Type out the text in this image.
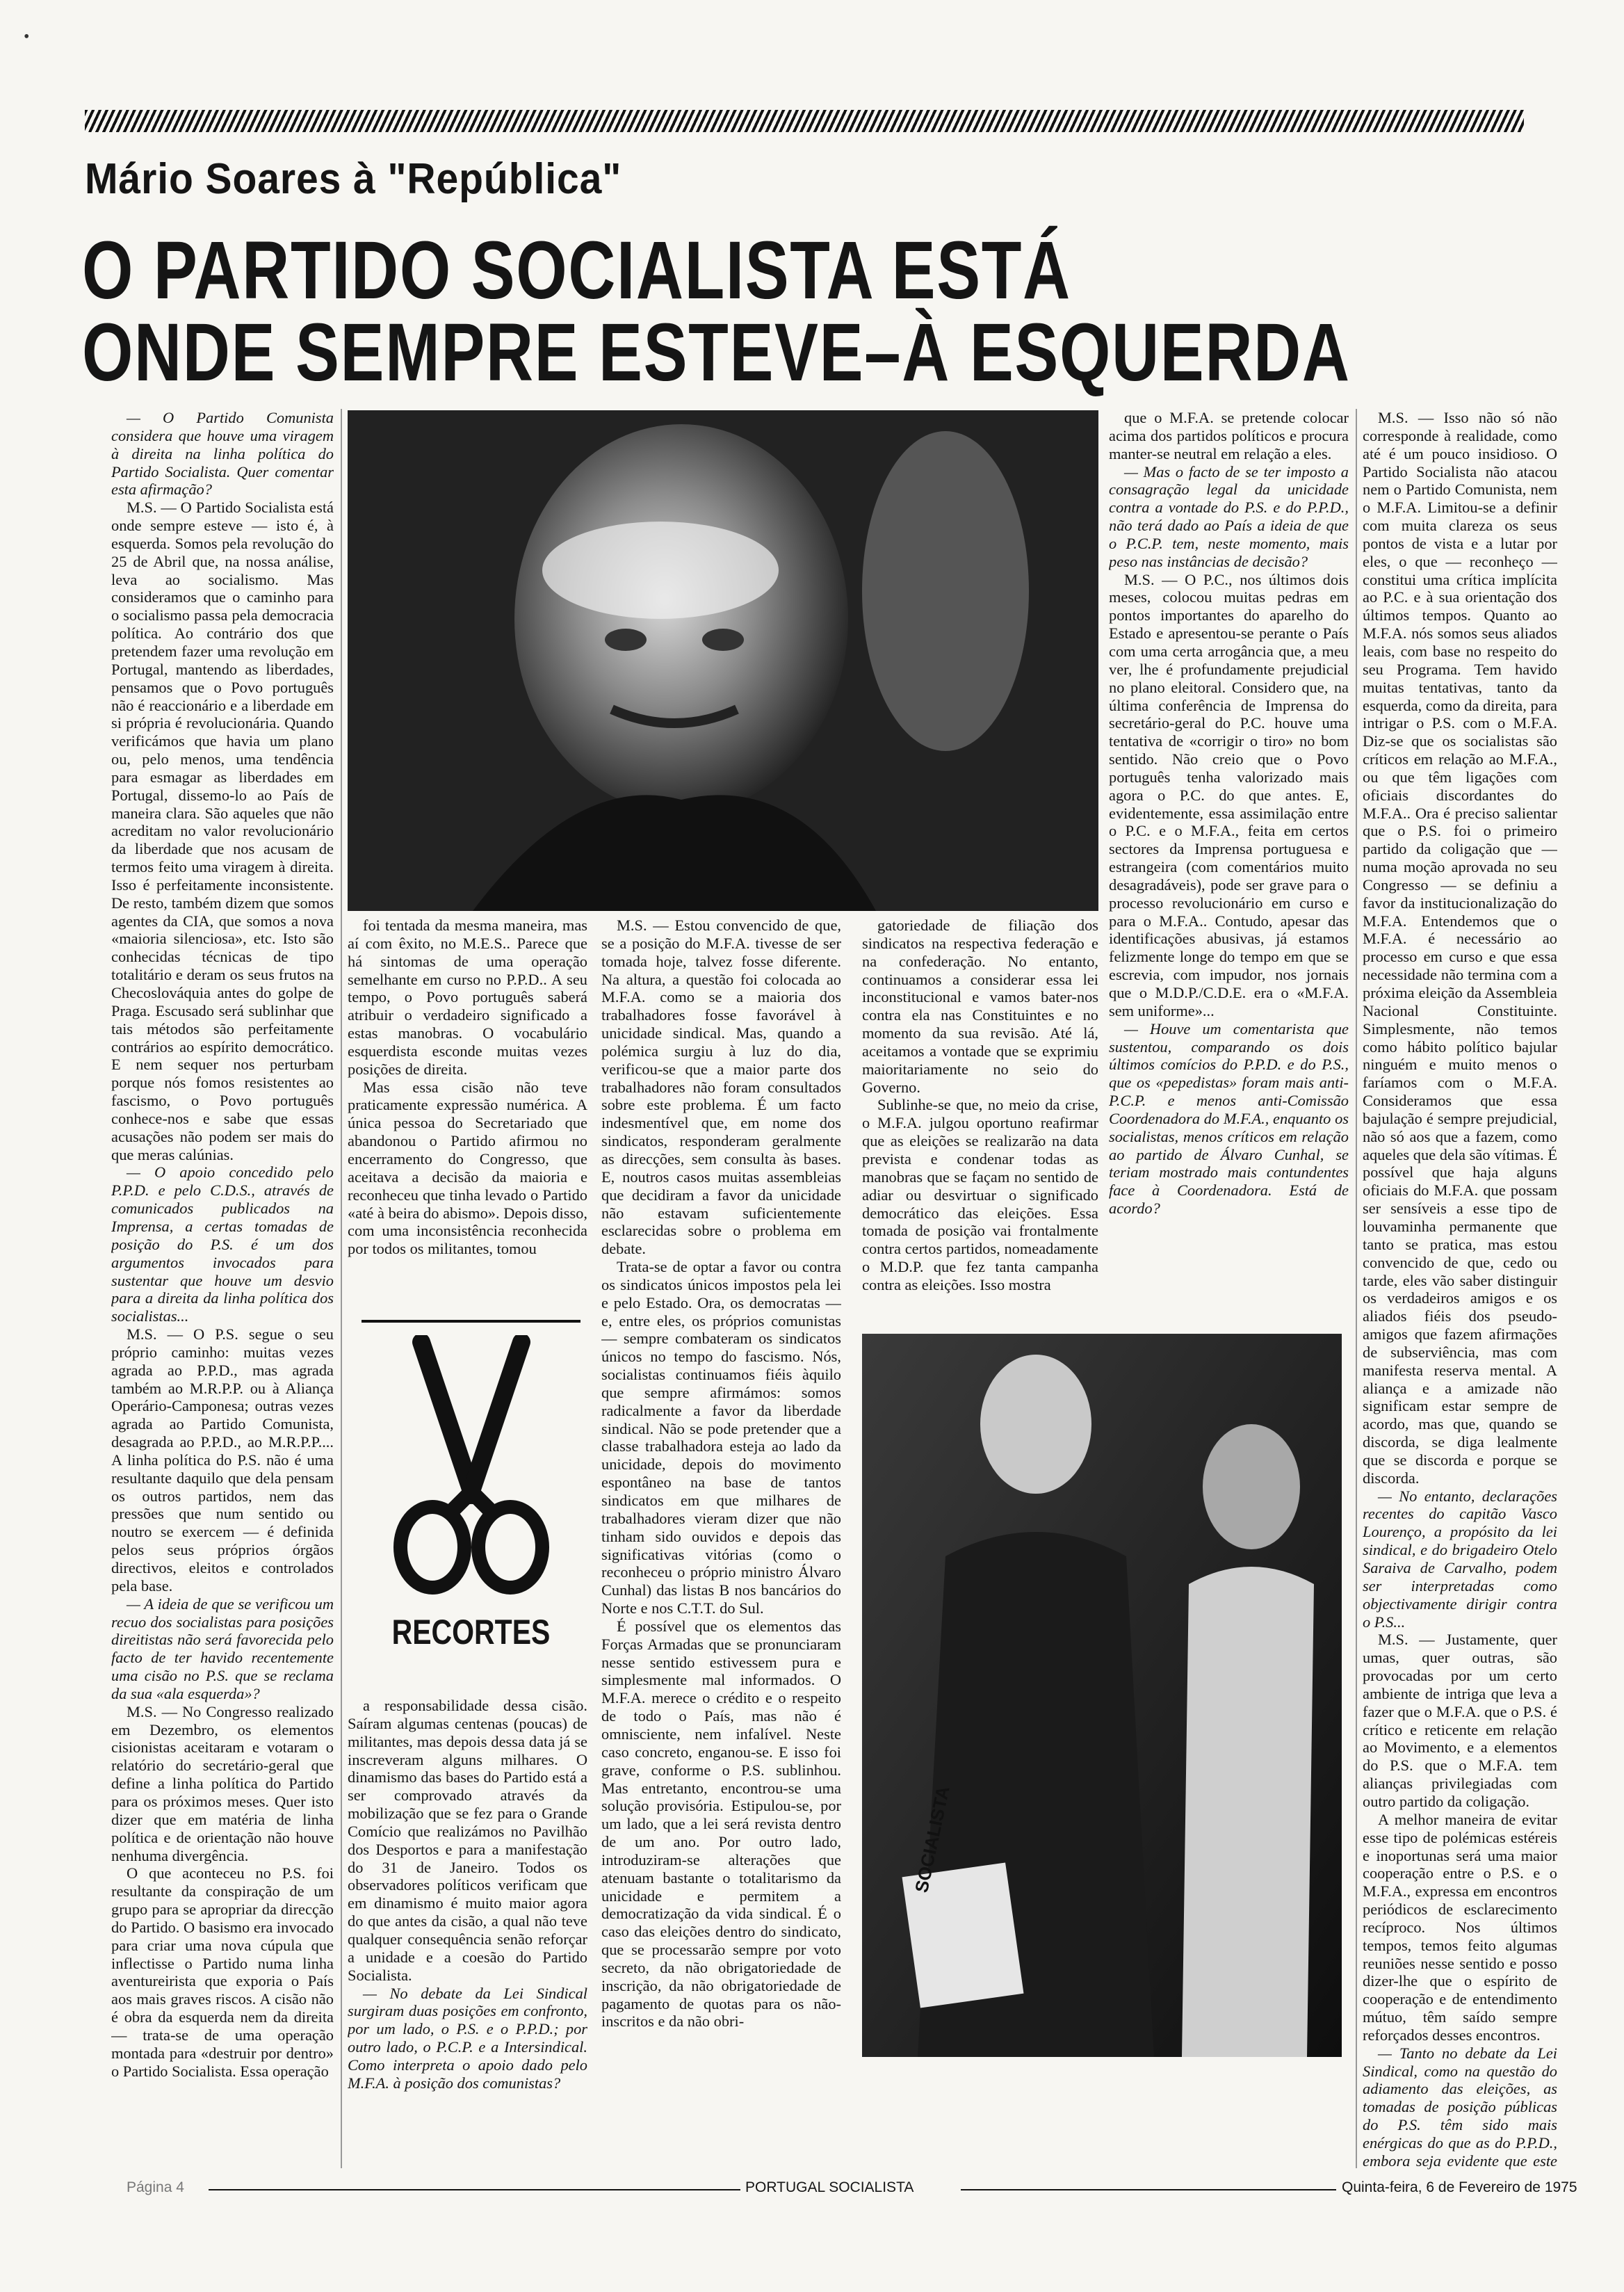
•
Mário Soares à "República"
O PARTIDO SOCIALISTA ESTÁ
ONDE SEMPRE ESTEVE–À ESQUERDA
SOCIALISTA

RECORTES

— O Partido Comunista considera que houve uma viragem à direita na linha política do Partido Socialista. Quer comentar esta afirmação?

M.S. — O Partido Socialista está onde sempre esteve — isto é, à esquerda. Somos pela revolução do 25 de Abril que, na nossa análise, leva ao socialismo. Mas consideramos que o caminho para o socialismo passa pela democracia política. Ao contrário dos que pretendem fazer uma revolução em Portugal, mantendo as liberdades, pensamos que o Povo português não é reaccionário e a liberdade em si própria é revolucionária. Quando verificámos que havia um plano ou, pelo menos, uma tendência para esmagar as liberdades em Portugal, dissemo-lo ao País de maneira clara. São aqueles que não acreditam no valor revolucionário da liberdade que nos acusam de termos feito uma viragem à direita. Isso é perfeitamente inconsistente. De resto, também dizem que somos agentes da CIA, que somos a nova «maioria silenciosa», etc. Isto são conhecidas técnicas de tipo totalitário e deram os seus frutos na Checoslováquia antes do golpe de Praga. Escusado será sublinhar que tais métodos são perfeitamente contrários ao espírito democrático. E nem sequer nos perturbam porque nós fomos resistentes ao fascismo, o Povo português conhece-nos e sabe que essas acusações não podem ser mais do que meras calúnias.

— O apoio concedido pelo P.P.D. e pelo C.D.S., através de comunicados publicados na Imprensa, a certas tomadas de posição do P.S. é um dos argumentos invocados para sustentar que houve um desvio para a direita da linha política dos socialistas...

M.S. — O P.S. segue o seu próprio caminho: muitas vezes agrada ao P.P.D., mas agrada também ao M.R.P.P. ou à Aliança Operário-Camponesa; outras vezes agrada ao Partido Comunista, desagrada ao P.P.D., ao M.R.P.P.... A linha política do P.S. não é uma resultante daquilo que dela pensam os outros partidos, nem das pressões que num sentido ou noutro se exercem — é definida pelos seus próprios órgãos directivos, eleitos e controlados pela base.

— A ideia de que se verificou um recuo dos socialistas para posições direitistas não será favorecida pelo facto de ter havido recentemente uma cisão no P.S. que se reclama da sua «ala esquerda»?

M.S. — No Congresso realizado em Dezembro, os elementos cisionistas aceitaram e votaram o relatório do secretário-geral que define a linha política do Partido para os próximos meses. Quer isto dizer que em matéria de linha política e de orientação não houve nenhuma divergência.

O que aconteceu no P.S. foi resultante da conspiração de um grupo para se apropriar da direcção do Partido. O basismo era invocado para criar uma nova cúpula que inflectisse o Partido numa linha aventureirista que exporia o País aos mais graves riscos. A cisão não é obra da esquerda nem da direita — trata-se de uma operação montada para «destruir por dentro» o Partido Socialista. Essa operação

foi tentada da mesma maneira, mas aí com êxito, no M.E.S.. Parece que há sintomas de uma operação semelhante em curso no P.P.D.. A seu tempo, o Povo português saberá atribuir o verdadeiro significado a estas manobras. O vocabulário esquerdista esconde muitas vezes posições de direita.

Mas essa cisão não teve praticamente expressão numérica. A única pessoa do Secretariado que abandonou o Partido afirmou no encerramento do Congresso, que aceitava a decisão da maioria e reconheceu que tinha levado o Partido «até à beira do abismo». Depois disso, com uma inconsistência reconhecida por todos os militantes, tomou

a responsabilidade dessa cisão. Saíram algumas centenas (poucas) de militantes, mas depois dessa data já se inscreveram alguns milhares. O dinamismo das bases do Partido está a ser comprovado através da mobilização que se fez para o Grande Comício que realizámos no Pavilhão dos Desportos e para a manifestação do 31 de Janeiro. Todos os observadores políticos verificam que em dinamismo é muito maior agora do que antes da cisão, a qual não teve qualquer consequência senão reforçar a unidade e a coesão do Partido Socialista.

— No debate da Lei Sindical surgiram duas posições em confronto, por um lado, o P.S. e o P.P.D.; por outro lado, o P.C.P. e a Intersindical. Como interpreta o apoio dado pelo M.F.A. à posição dos comunistas?

M.S. — Estou convencido de que, se a posição do M.F.A. tivesse de ser tomada hoje, talvez fosse diferente. Na altura, a questão foi colocada ao M.F.A. como se a maioria dos trabalhadores fosse favorável à unicidade sindical. Mas, quando a polémica surgiu à luz do dia, verificou-se que a maior parte dos trabalhadores não foram consultados sobre este problema. É um facto indesmentível que, em nome dos sindicatos, responderam geralmente as direcções, sem consulta às bases. E, noutros casos muitas assembleias que decidiram a favor da unicidade não estavam suficientemente esclarecidas sobre o problema em debate.

Trata-se de optar a favor ou contra os sindicatos únicos impostos pela lei e pelo Estado. Ora, os democratas — e, entre eles, os próprios comunistas — sempre combateram os sindicatos únicos no tempo do fascismo. Nós, socialistas continuamos fiéis àquilo que sempre afirmámos: somos radicalmente a favor da liberdade sindical. Não se pode pretender que a classe trabalhadora esteja ao lado da unicidade, depois do movimento espontâneo na base de tantos sindicatos em que milhares de trabalhadores vieram dizer que não tinham sido ouvidos e depois das significativas vitórias (como o reconheceu o próprio ministro Álvaro Cunhal) das listas B nos bancários do Norte e nos C.T.T. do Sul.

É possível que os elementos das Forças Armadas que se pronunciaram nesse sentido estivessem pura e simplesmente mal informados. O M.F.A. merece o crédito e o respeito de todo o País, mas não é omnisciente, nem infalível. Neste caso concreto, enganou-se. E isso foi grave, conforme o P.S. sublinhou. Mas entretanto, encontrou-se uma solução provisória. Estipulou-se, por um lado, que a lei será revista dentro de um ano. Por outro lado, introduziram-se alterações que atenuam bastante o totalitarismo da unicidade e permitem a democratização da vida sindical. É o caso das eleições dentro do sindicato, que se processarão sempre por voto secreto, da não obrigatoriedade de inscrição, da não obrigatoriedade de pagamento de quotas para os não-inscritos e da não obri-

gatoriedade de filiação dos sindicatos na respectiva federação e na confederação. No entanto, continuamos a considerar essa lei inconstitucional e vamos bater-nos contra ela nas Constituintes e no momento da sua revisão. Até lá, aceitamos a vontade que se exprimiu maioritariamente no seio do Governo.

Sublinhe-se que, no meio da crise, o M.F.A. julgou oportuno reafirmar que as eleições se realizarão na data prevista e condenar todas as manobras que se façam no sentido de adiar ou desvirtuar o significado democrático das eleições. Essa tomada de posição vai frontalmente contra certos partidos, nomeadamente o M.D.P. que fez tanta campanha contra as eleições. Isso mostra

que o M.F.A. se pretende colocar acima dos partidos políticos e procura manter-se neutral em relação a eles.

— Mas o facto de se ter imposto a consagração legal da unicidade contra a vontade do P.S. e do P.P.D., não terá dado ao País a ideia de que o P.C.P. tem, neste momento, mais peso nas instâncias de decisão?

M.S. — O P.C., nos últimos dois meses, colocou muitas pedras em pontos importantes do aparelho do Estado e apresentou-se perante o País com uma certa arrogância que, a meu ver, lhe é profundamente prejudicial no plano eleitoral. Considero que, na última conferência de Imprensa do secretário-geral do P.C. houve uma tentativa de «corrigir o tiro» no bom sentido. Não creio que o Povo português tenha valorizado mais agora o P.C. do que antes. E, evidentemente, essa assimilação entre o P.C. e o M.F.A., feita em certos sectores da Imprensa portuguesa e estrangeira (com comentários muito desagradáveis), pode ser grave para o processo revolucionário em curso e para o M.F.A.. Contudo, apesar das identificações abusivas, já estamos felizmente longe do tempo em que se escrevia, com impudor, nos jornais que o M.D.P./C.D.E. era o «M.F.A. sem uniforme»...

— Houve um comentarista que sustentou, comparando os dois últimos comícios do P.P.D. e do P.S., que os «pepedistas» foram mais anti-P.C.P. e menos anti-Comissão Coordenadora do M.F.A., enquanto os socialistas, menos críticos em relação ao partido de Álvaro Cunhal, se teriam mostrado mais contundentes face à Coordenadora. Está de acordo?

M.S. — Isso não só não corresponde à realidade, como até é um pouco insidioso. O Partido Socialista não atacou nem o Partido Comunista, nem o M.F.A. Limitou-se a definir com muita clareza os seus pontos de vista e a lutar por eles, o que — reconheço — constitui uma crítica implícita ao P.C. e à sua orientação dos últimos tempos. Quanto ao M.F.A. nós somos seus aliados leais, com base no respeito do seu Programa. Tem havido muitas tentativas, tanto da esquerda, como da direita, para intrigar o P.S. com o M.F.A. Diz-se que os socialistas são críticos em relação ao M.F.A., ou que têm ligações com oficiais discordantes do M.F.A.. Ora é preciso salientar que o P.S. foi o primeiro partido da coligação que — numa moção aprovada no seu Congresso — se definiu a favor da institucionalização do M.F.A. Entendemos que o M.F.A. é necessário ao processo em curso e que essa necessidade não termina com a próxima eleição da Assembleia Nacional Constituinte. Simplesmente, não temos como hábito político bajular ninguém e muito menos o faríamos com o M.F.A. Consideramos que essa bajulação é sempre prejudicial, não só aos que a fazem, como aqueles que dela são vítimas. É possível que haja alguns oficiais do M.F.A. que possam ser sensíveis a esse tipo de louvaminha permanente que tanto se pratica, mas estou convencido de que, cedo ou tarde, eles vão saber distinguir os verdadeiros amigos e os aliados fiéis dos pseudo-amigos que fazem afirmações de subserviência, mas com manifesta reserva mental. A aliança e a amizade não significam estar sempre de acordo, mas que, quando se discorda, se diga lealmente que se discorda e porque se discorda.

— No entanto, declarações recentes do capitão Vasco Lourenço, a propósito da lei sindical, e do brigadeiro Otelo Saraiva de Carvalho, podem ser interpretadas como objectivamente dirigir contra o P.S...

M.S. — Justamente, quer umas, quer outras, são provocadas por um certo ambiente de intriga que leva a fazer que o M.F.A. que o P.S. é crítico e reticente em relação ao Movimento, e a elementos do P.S. que o M.F.A. tem alianças privilegiadas com outro partido da coligação.

A melhor maneira de evitar esse tipo de polémicas estéreis e inoportunas será uma maior cooperação entre o P.S. e o M.F.A., expressa em encontros periódicos de esclarecimento recíproco. Nos últimos tempos, temos feito algumas reuniões nesse sentido e posso dizer-lhe que o espírito de cooperação e de entendimento mútuo, têm saído sempre reforçados desses encontros.

— Tanto no debate da Lei Sindical, como na questão do adiamento das eleições, as tomadas de posição públicas do P.S. têm sido mais enérgicas do que as do P.P.D., embora seja evidente que este

Página 4	PORTUGAL SOCIALISTA	Quinta-feira, 6 de Fevereiro de 1975
